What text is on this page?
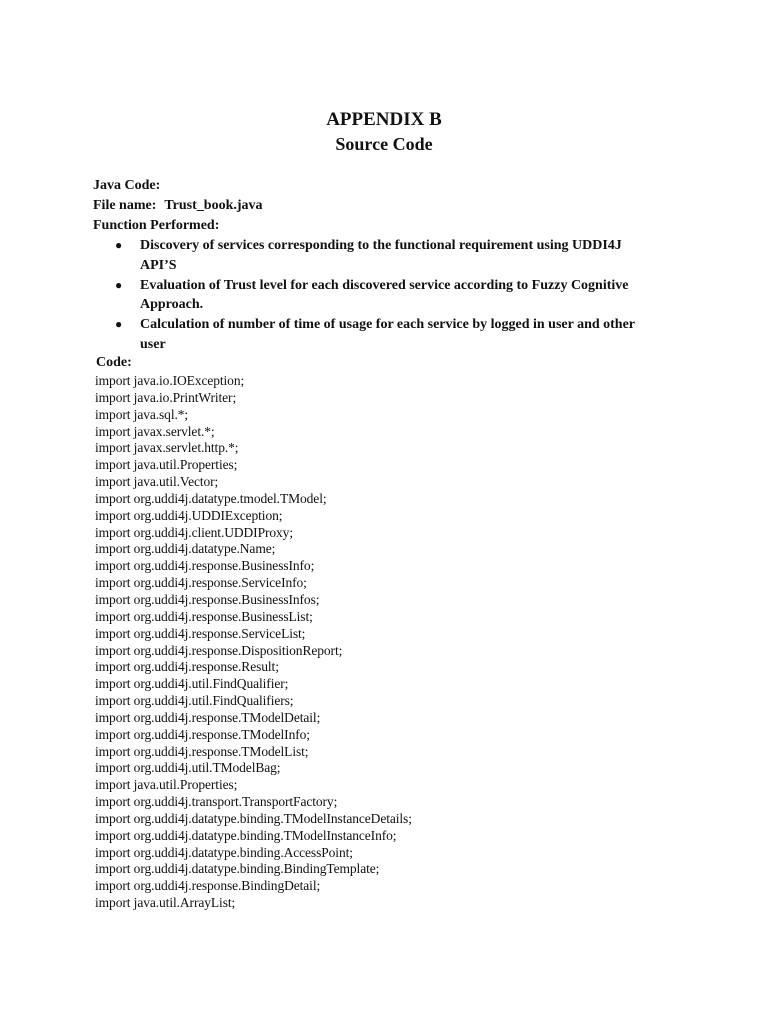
APPENDIX B
Source Code
Java Code:
File name: Trust_book.java
Function Performed:
● Discovery of services corresponding to the functional requirement using UDDI4J API’S
● Evaluation of Trust level for each discovered service according to Fuzzy Cognitive Approach.
● Calculation of number of time of usage for each service by logged in user and other user
Code:
import java.io.IOException;
import java.io.PrintWriter;
import java.sql.*;
import javax.servlet.*;
import javax.servlet.http.*;
import java.util.Properties;
import java.util.Vector;
import org.uddi4j.datatype.tmodel.TModel;
import org.uddi4j.UDDIException;
import org.uddi4j.client.UDDIProxy;
import org.uddi4j.datatype.Name;
import org.uddi4j.response.BusinessInfo;
import org.uddi4j.response.ServiceInfo;
import org.uddi4j.response.BusinessInfos;
import org.uddi4j.response.BusinessList;
import org.uddi4j.response.ServiceList;
import org.uddi4j.response.DispositionReport;
import org.uddi4j.response.Result;
import org.uddi4j.util.FindQualifier;
import org.uddi4j.util.FindQualifiers;
import org.uddi4j.response.TModelDetail;
import org.uddi4j.response.TModelInfo;
import org.uddi4j.response.TModelList;
import org.uddi4j.util.TModelBag;
import java.util.Properties;
import org.uddi4j.transport.TransportFactory;
import org.uddi4j.datatype.binding.TModelInstanceDetails;
import org.uddi4j.datatype.binding.TModelInstanceInfo;
import org.uddi4j.datatype.binding.AccessPoint;
import org.uddi4j.datatype.binding.BindingTemplate;
import org.uddi4j.response.BindingDetail;
import java.util.ArrayList;
